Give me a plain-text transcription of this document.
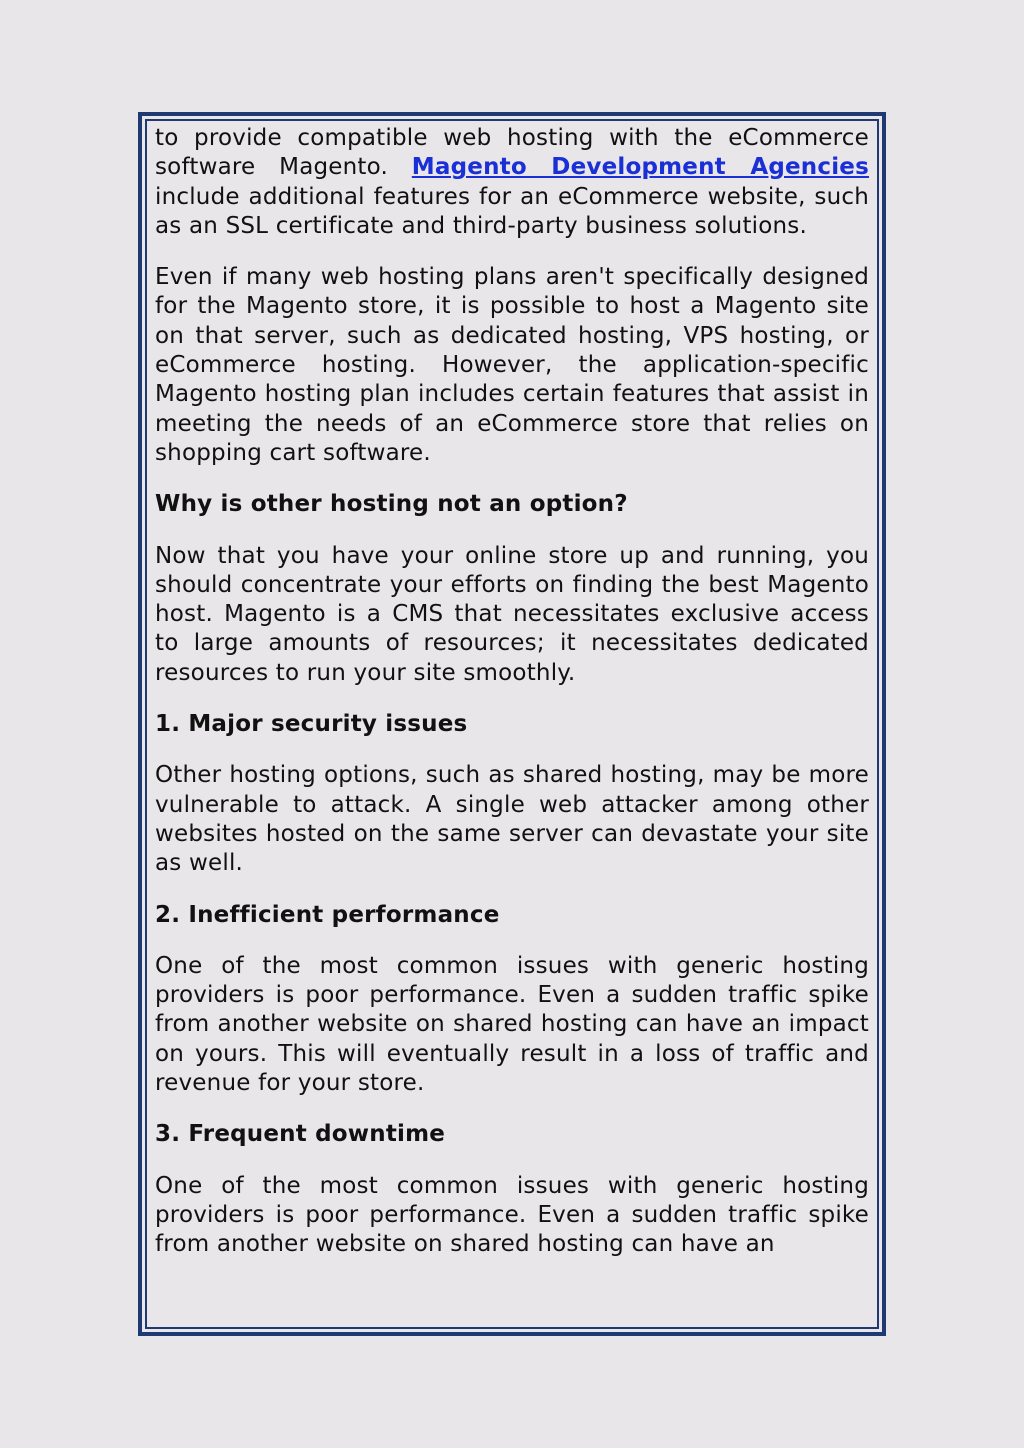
to provide compatible web hosting with the eCommerce software Magento. Magento Development Agencies include additional features for an eCommerce website, such as an SSL certificate and third-party business solutions.

Even if many web hosting plans aren't specifically designed for the Magento store, it is possible to host a Magento site on that server, such as dedicated hosting, VPS hosting, or eCommerce hosting. However, the application-specific Magento hosting plan includes certain features that assist in meeting the needs of an eCommerce store that relies on shopping cart software.

Why is other hosting not an option?

Now that you have your online store up and running, you should concentrate your efforts on finding the best Magento host. Magento is a CMS that necessitates exclusive access to large amounts of resources; it necessitates dedicated resources to run your site smoothly.

1. Major security issues

Other hosting options, such as shared hosting, may be more vulnerable to attack. A single web attacker among other websites hosted on the same server can devastate your site as well.

2. Inefficient performance

One of the most common issues with generic hosting providers is poor performance. Even a sudden traffic spike from another website on shared hosting can have an impact on yours. This will eventually result in a loss of traffic and revenue for your store.

3. Frequent downtime

One of the most common issues with generic hosting providers is poor performance. Even a sudden traffic spike from another website on shared hosting can have an
